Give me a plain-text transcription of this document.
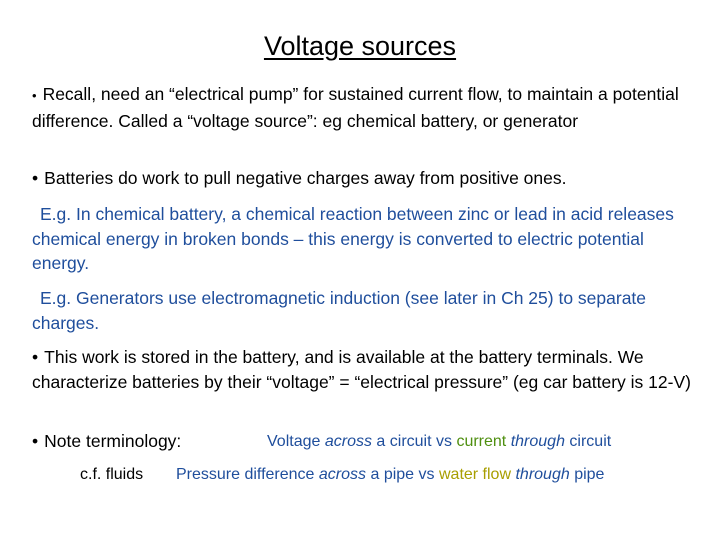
Voltage sources
• Recall, need an “electrical pump” for sustained current flow, to maintain a potential difference. Called a “voltage source”: eg chemical battery, or generator
• Batteries do work to pull negative charges away from positive ones.
E.g. In chemical battery, a chemical reaction between zinc or lead in acid releases chemical energy in broken bonds – this energy is converted to electric potential energy.
E.g. Generators use electromagnetic induction (see later in Ch 25) to separate charges.
• This work is stored in the battery, and is available at the battery terminals. We characterize batteries by their “voltage” = “electrical pressure” (eg car battery is 12-V)
• Note terminology:	Voltage across a circuit vs current through circuit
c.f. fluids Pressure difference across a pipe vs water flow through pipe
